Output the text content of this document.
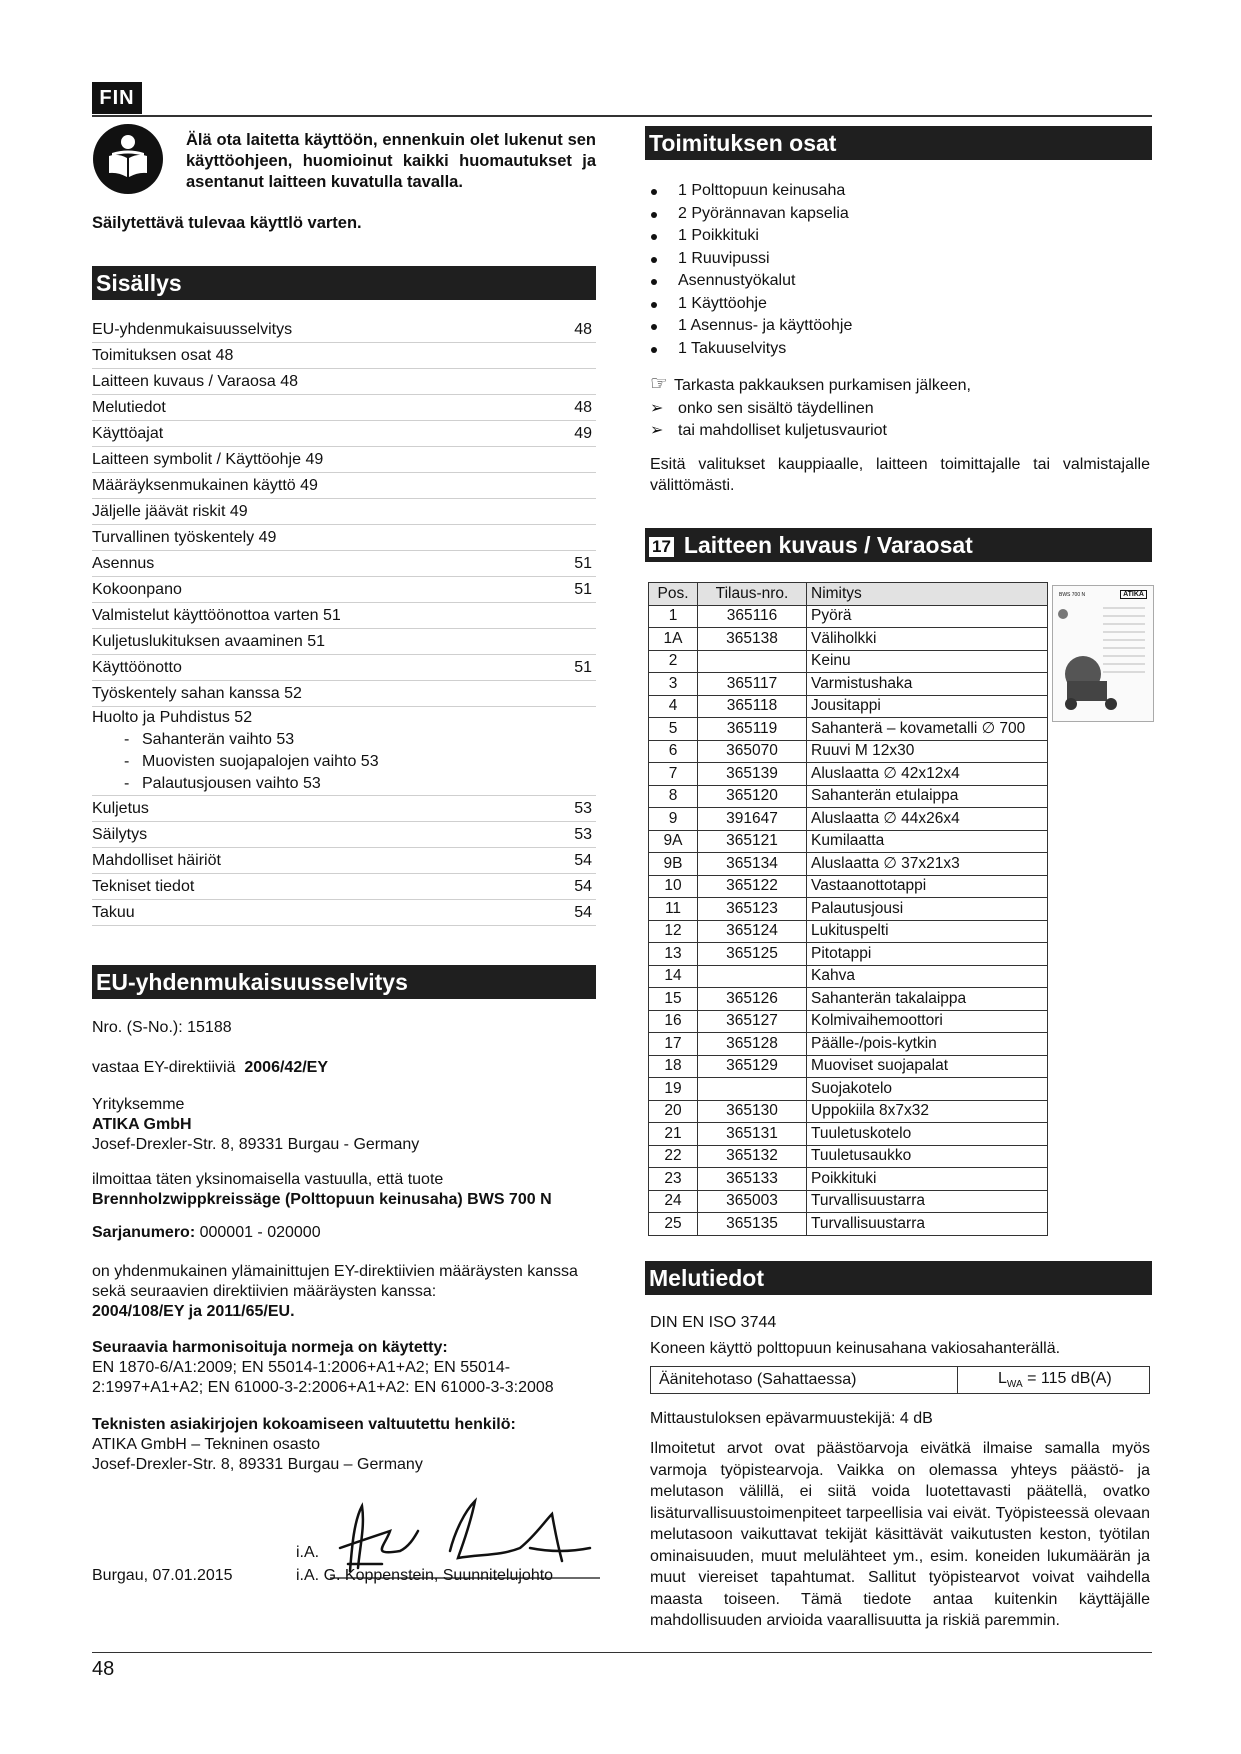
FIN
Älä ota laitetta käyttöön, ennenkuin olet lukenut sen käyttöohjeen, huomioinut kaikki huomautukset ja asentanut laitteen kuvatulla tavalla.
Säilytettävä tulevaa käyttlö varten.
Sisällys
EU-yhdenmukaisuusselvitys	48
Toimituksen osat 48
Laitteen kuvaus / Varaosa 48
Melutiedot	48
Käyttöajat	49
Laitteen symbolit / Käyttöohje 49
Määräyksenmukainen käyttö 49
Jäljelle jäävät riskit 49
Turvallinen työskentely 49
Asennus	51
Kokoonpano	51
Valmistelut käyttöönottoa varten 51
Kuljetuslukituksen avaaminen 51
Käyttöönotto	51
Työskentely sahan kanssa 52
Huolto ja Puhdistus 52
- Sahanterän vaihto 53
- Muovisten suojapalojen vaihto 53
- Palautusjousen vaihto 53
Kuljetus	53
Säilytys	53
Mahdolliset häiriöt	54
Tekniset tiedot	54
Takuu	54
EU-yhdenmukaisuusselvitys
Nro. (S-No.): 15188
vastaa EY-direktiiviä 2006/42/EY
Yrityksemme
ATIKA GmbH
Josef-Drexler-Str. 8, 89331 Burgau - Germany
ilmoittaa täten yksinomaisella vastuulla, että tuote
Brennholzwippkreissäge (Polttopuun keinusaha) BWS 700 N
Sarjanumero: 000001 - 020000
on yhdenmukainen ylämainittujen EY-direktiivien määräysten kanssa sekä seuraavien direktiivien määräysten kanssa:
2004/108/EY ja 2011/65/EU.
Seuraavia harmonisoituja normeja on käytetty:
EN 1870-6/A1:2009; EN 55014-1:2006+A1+A2; EN 55014-2:1997+A1+A2; EN 61000-3-2:2006+A1+A2: EN 61000-3-3:2008
Teknisten asiakirjojen kokoamiseen valtuutettu henkilö:
ATIKA GmbH – Tekninen osasto
Josef-Drexler-Str. 8, 89331 Burgau – Germany
i.A.
Burgau, 07.01.2015	i.A. G. Koppenstein, Suunnitelujohto
Toimituksen osat
1 Polttopuun keinusaha
2 Pyörännavan kapselia
1 Poikkituki
1 Ruuvipussi
Asennustyökalut
1 Käyttöohje
1 Asennus- ja käyttöohje
1 Takuuselvitys
☞ Tarkasta pakkauksen purkamisen jälkeen,
➢ onko sen sisältö täydellinen
➢ tai mahdolliset kuljetusvauriot
Esitä valitukset kauppiaalle, laitteen toimittajalle tai valmistajalle välittömästi.
17 Laitteen kuvaus / Varaosat
Pos.	Tilaus-nro.	Nimitys
1	365116	Pyörä
1A	365138	Väliholkki
2		Keinu
3	365117	Varmistushaka
4	365118	Jousitappi
5	365119	Sahanterä – kovametalli ∅ 700
6	365070	Ruuvi M 12x30
7	365139	Aluslaatta ∅ 42x12x4
8	365120	Sahanterän etulaippa
9	391647	Aluslaatta ∅ 44x26x4
9A	365121	Kumilaatta
9B	365134	Aluslaatta ∅ 37x21x3
10	365122	Vastaanottotappi
11	365123	Palautusjousi
12	365124	Lukituspelti
13	365125	Pitotappi
14		Kahva
15	365126	Sahanterän takalaippa
16	365127	Kolmivaihemoottori
17	365128	Päälle-/pois-kytkin
18	365129	Muoviset suojapalat
19		Suojakotelo
20	365130	Uppokiila 8x7x32
21	365131	Tuuletuskotelo
22	365132	Tuuletusaukko
23	365133	Poikkituki
24	365003	Turvallisuustarra
25	365135	Turvallisuustarra
BWS 700 N	ATIKA
Melutiedot
DIN EN ISO 3744
Koneen käyttö polttopuun keinusahana vakiosahanterällä.
Äänitehotaso (Sahattaessa)	$L_{WA} = 115$ dB(A)
Mittaustuloksen epävarmuustekijä: 4 dB
Ilmoitetut arvot ovat päästöarvoja eivätkä ilmaise samalla myös varmoja työpistearvoja. Vaikka on olemassa yhteys päästö- ja melutason välillä, ei siitä voida luotettavasti päätellä, ovatko lisäturvallisuustoimenpiteet tarpeellisia vai eivät. Työpisteessä olevaan melutasoon vaikuttavat tekijät käsittävät vaikutusten keston, työtilan ominaisuuden, muut melulähteet ym., esim. koneiden lukumäärän ja muut viereiset tapahtumat. Sallitut työpistearvot voivat vaihdella maasta toiseen. Tämä tiedote antaa kuitenkin käyttäjälle mahdollisuuden arvioida vaarallisuutta ja riskiä paremmin.
48
